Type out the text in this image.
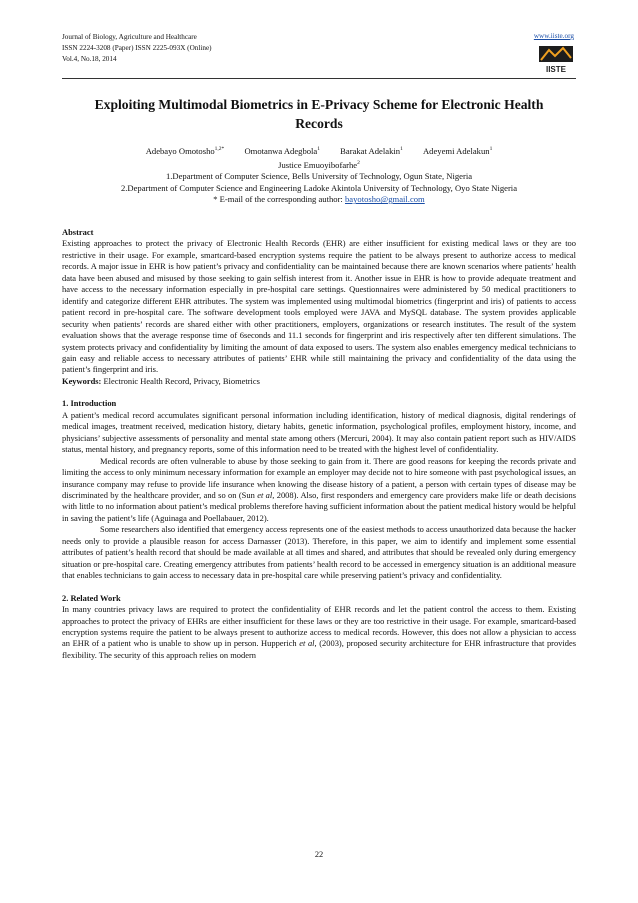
Journal of Biology, Agriculture and Healthcare
ISSN 2224-3208 (Paper) ISSN 2225-093X (Online)
Vol.4, No.18, 2014
www.iiste.org
IISTE
Exploiting Multimodal Biometrics in E-Privacy Scheme for Electronic Health Records
Adebayo Omotosho$^{1,2*}$ Omotanwa Adegbola$^1$ Barakat Adelakin$^1$ Adeyemi Adelakun$^1$
Justice Emuoyibofarhe$^2$
1.Department of Computer Science, Bells University of Technology, Ogun State, Nigeria
2.Department of Computer Science and Engineering Ladoke Akintola University of Technology, Oyo State Nigeria
* E-mail of the corresponding author: bayotosho@gmail.com

Abstract

Existing approaches to protect the privacy of Electronic Health Records (EHR) are either insufficient for existing medical laws or they are too restrictive in their usage. For example, smartcard-based encryption systems require the patient to be always present to authorize access to medical records. A major issue in EHR is how patient’s privacy and confidentiality can be maintained because there are known scenarios where patients’ health data have been abused and misused by those seeking to gain selfish interest from it. Another issue in EHR is how to provide adequate treatment and have access to the necessary information especially in pre-hospital care settings. Questionnaires were administered by 50 medical practitioners to identify and categorize different EHR attributes. The system was implemented using multimodal biometrics (fingerprint and iris) of patients to access patient record in pre-hospital care. The software development tools employed were JAVA and MySQL database. The system provides applicable security when patients’ records are shared either with other practitioners, employers, organizations or research institutes. The result of the system evaluation shows that the average response time of 6seconds and 11.1 seconds for fingerprint and iris respectively after ten different simulations. The system protects privacy and confidentiality by limiting the amount of data exposed to users. The system also enables emergency medical technicians to gain easy and reliable access to necessary attributes of patients’ EHR while still maintaining the privacy and confidentiality of the data using the patient’s fingerprint and iris.

Keywords: Electronic Health Record, Privacy, Biometrics

1. Introduction

A patient’s medical record accumulates significant personal information including identification, history of medical diagnosis, digital renderings of medical images, treatment received, medication history, dietary habits, genetic information, psychological profiles, employment history, income, and physicians’ subjective assessments of personality and mental state among others (Mercuri, 2004). It may also contain patient report such as HIV/AIDS status, mental history, and pregnancy reports, some of this information need to be treated with the highest level of confidentiality.

Medical records are often vulnerable to abuse by those seeking to gain from it. There are good reasons for keeping the records private and limiting the access to only minimum necessary information for example an employer may decide not to hire someone with past psychological issues, an insurance company may refuse to provide life insurance when knowing the disease history of a patient, a person with certain types of disease may be discriminated by the healthcare provider, and so on (Sun et al, 2008). Also, first responders and emergency care providers make life or death decisions with little to no information about patient’s medical problems therefore having sufficient information about the patient medical history would be helpful in saving the patient’s life (Aguinaga and Poellabauer, 2012).

Some researchers also identified that emergency access represents one of the easiest methods to access unauthorized data because the hacker needs only to provide a plausible reason for access Darnasser (2013). Therefore, in this paper, we aim to identify and implement some essential attributes of patient’s health record that should be made available at all times and shared, and attributes that should be revealed only during emergency situation or pre-hospital care. Creating emergency attributes from patients’ health record to be accessed in emergency situation is an additional measure that enables technicians to gain access to necessary data in pre-hospital care while preserving patient’s privacy and confidentiality.

2. Related Work

In many countries privacy laws are required to protect the confidentiality of EHR records and let the patient control the access to them. Existing approaches to protect the privacy of EHRs are either insufficient for these laws or they are too restrictive in their usage. For example, smartcard-based encryption systems require the patient to be always present to authorize access to medical records. However, this does not allow a physician to access an EHR of a patient who is unable to show up in person. Hupperich et al, (2003), proposed security architecture for EHR infrastructure that provides flexibility. The security of this approach relies on modern

22
